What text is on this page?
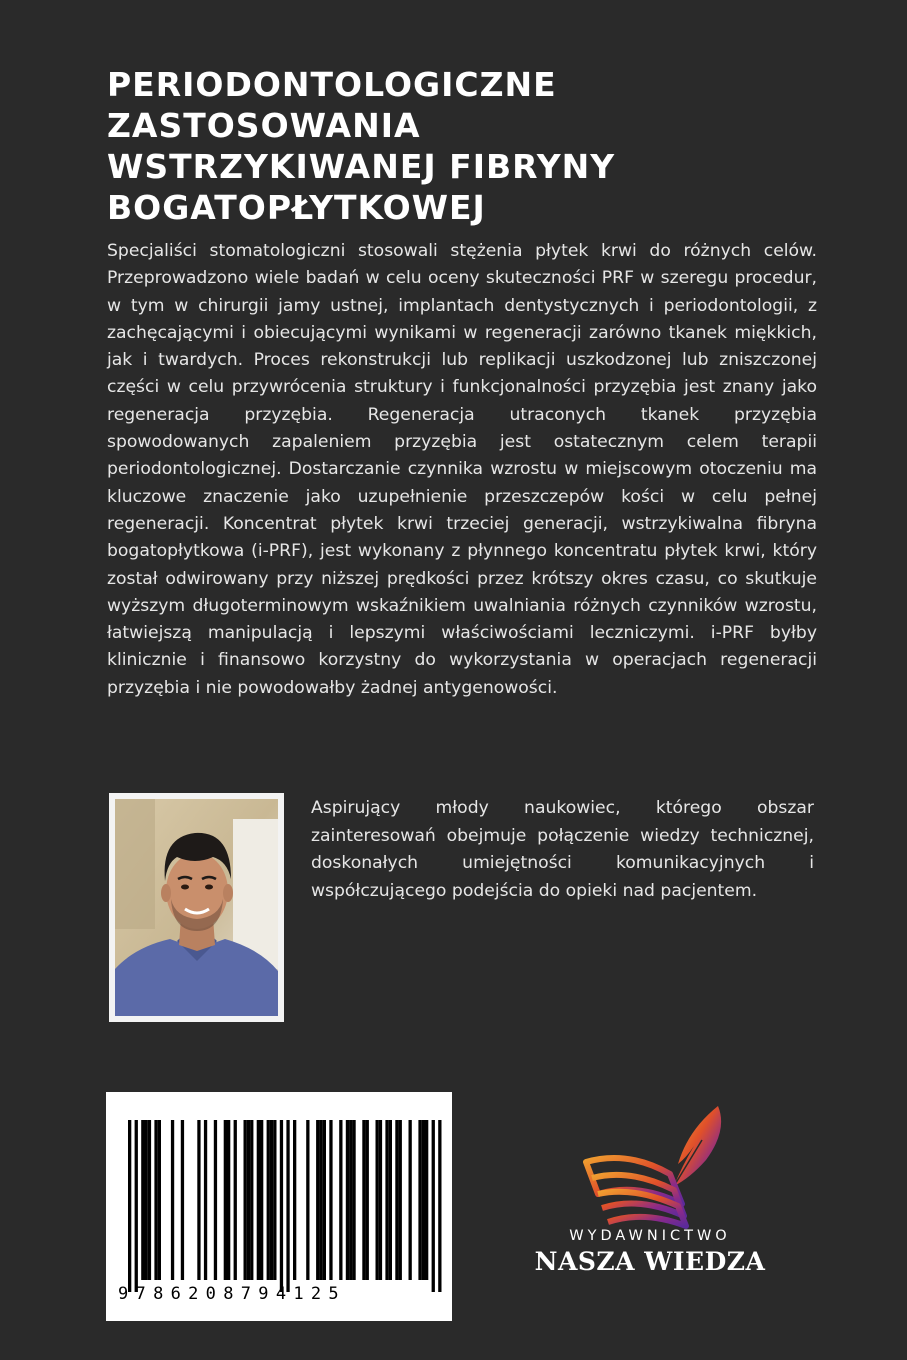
PERIODONTOLOGICZNE
ZASTOSOWANIA
WSTRZYKIWANEJ FIBRYNY
BOGATOPŁYTKOWEJ

Specjaliści stomatologiczni stosowali stężenia płytek krwi do różnych celów. Przeprowadzono wiele badań w celu oceny skuteczności PRF w szeregu procedur, w tym w chirurgii jamy ustnej, implantach dentystycznych i periodontologii, z zachęcającymi i obiecującymi wynikami w regeneracji zarówno tkanek miękkich, jak i twardych. Proces rekonstrukcji lub replikacji uszkodzonej lub zniszczonej części w celu przywrócenia struktury i funkcjonalności przyzębia jest znany jako regeneracja przyzębia. Regeneracja utraconych tkanek przyzębia spowodowanych zapaleniem przyzębia jest ostatecznym celem terapii periodontologicznej. Dostarczanie czynnika wzrostu w miejscowym otoczeniu ma kluczowe znaczenie jako uzupełnienie przeszczepów kości w celu pełnej regeneracji. Koncentrat płytek krwi trzeciej generacji, wstrzykiwalna fibryna bogatopłytkowa (i-PRF), jest wykonany z płynnego koncentratu płytek krwi, który został odwirowany przy niższej prędkości przez krótszy okres czasu, co skutkuje wyższym długoterminowym wskaźnikiem uwalniania różnych czynników wzrostu, łatwiejszą manipulacją i lepszymi właściwościami leczniczymi. i-PRF byłby klinicznie i finansowo korzystny do wykorzystania w operacjach regeneracji przyzębia i nie powodowałby żadnej antygenowości.

Aspirujący młody naukowiec, którego obszar zainteresowań obejmuje połączenie wiedzy technicznej, doskonałych umiejętności komunikacyjnych i współczującego podejścia do opieki nad pacjentem.

9786208794125
WYDAWNICTWO
NASZA WIEDZA
